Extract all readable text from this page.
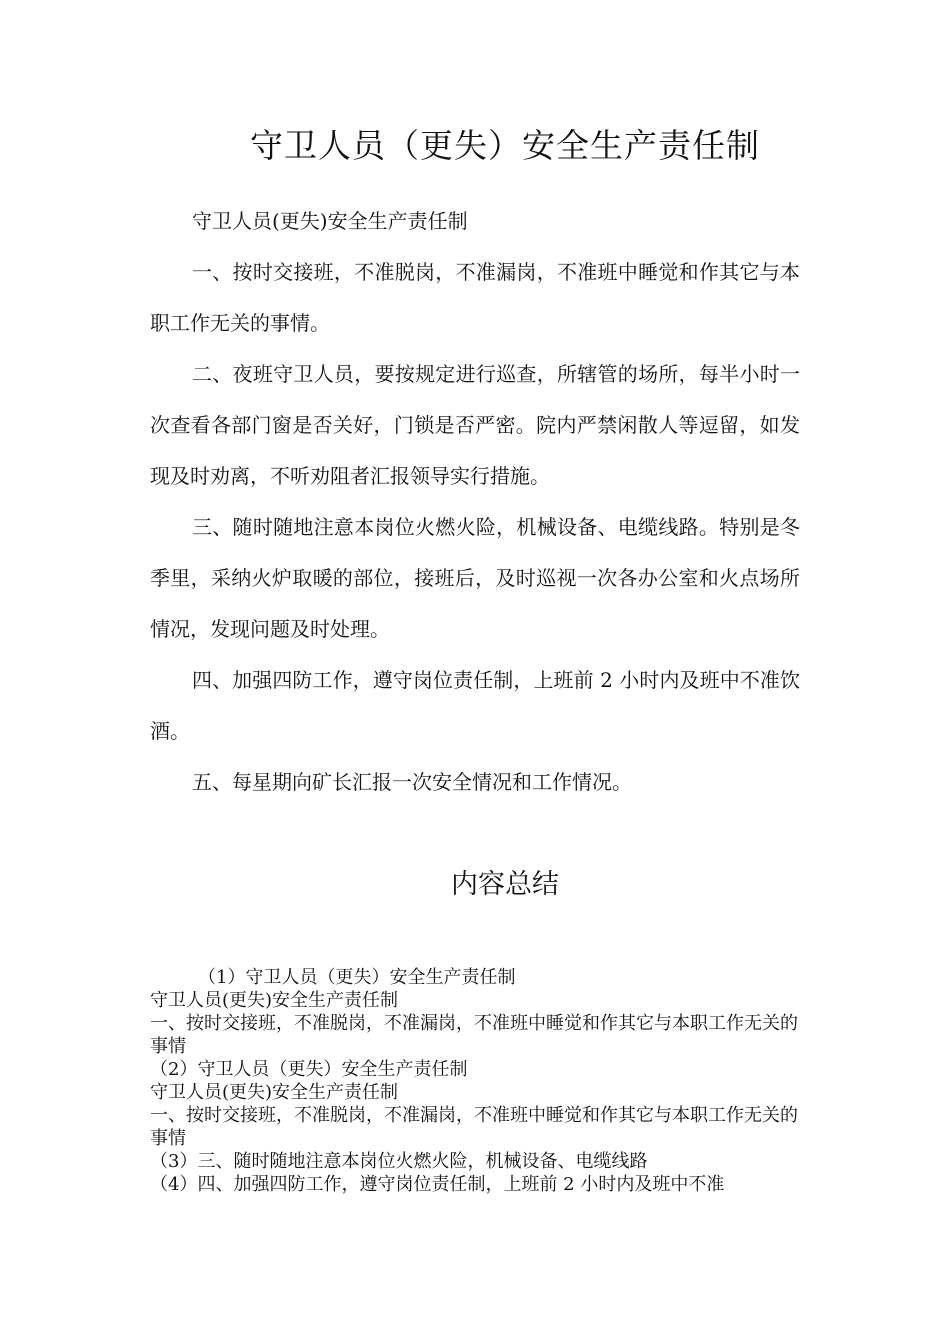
守卫人员（更失）安全生产责任制

守卫人员(更失)安全生产责任制

一、按时交接班，不准脱岗，不准漏岗，不准班中睡觉和作其它与本职工作无关的事情。

二、夜班守卫人员，要按规定进行巡查，所辖管的场所，每半小时一次查看各部门窗是否关好，门锁是否严密。院内严禁闲散人等逗留，如发现及时劝离，不听劝阻者汇报领导实行措施。

三、随时随地注意本岗位火燃火险，机械设备、电缆线路。特别是冬季里，采纳火炉取暖的部位，接班后，及时巡视一次各办公室和火点场所情况，发现问题及时处理。

四、加强四防工作，遵守岗位责任制，上班前 2 小时内及班中不准饮酒。

五、每星期向矿长汇报一次安全情况和工作情况。

内容总结
（1）守卫人员（更失）安全生产责任制
守卫人员(更失)安全生产责任制
一、按时交接班，不准脱岗，不准漏岗，不准班中睡觉和作其它与本职工作无关的事情
（2）守卫人员（更失）安全生产责任制
守卫人员(更失)安全生产责任制
一、按时交接班，不准脱岗，不准漏岗，不准班中睡觉和作其它与本职工作无关的事情
（3）三、随时随地注意本岗位火燃火险，机械设备、电缆线路
（4）四、加强四防工作，遵守岗位责任制，上班前 2 小时内及班中不准
